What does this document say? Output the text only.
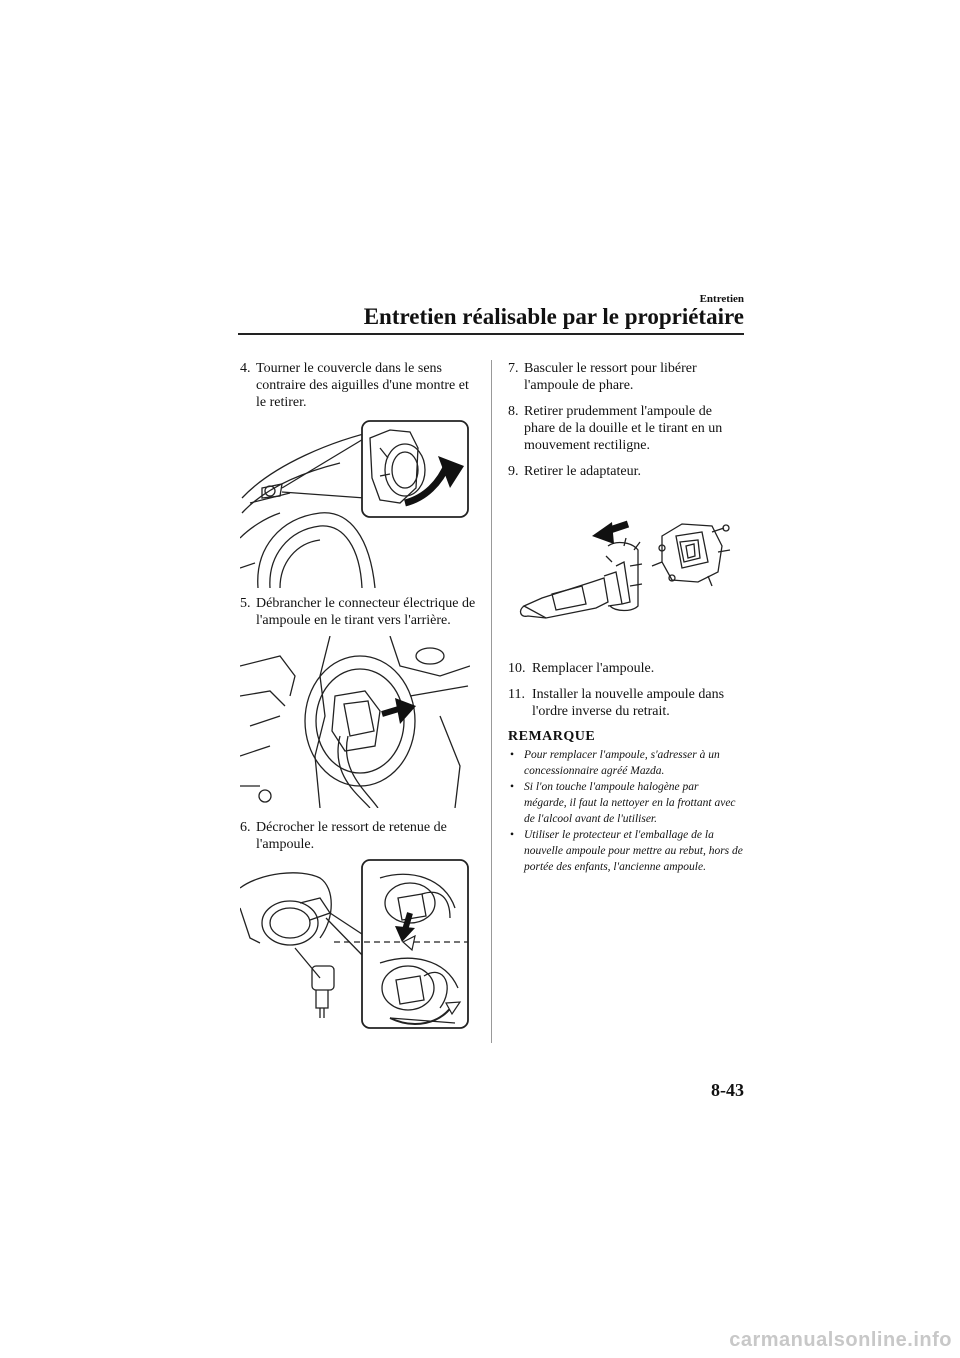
Entretien
Entretien réalisable par le propriétaire

4. Tourner le couvercle dans le sens contraire des aiguilles d'une montre et le retirer.

5. Débrancher le connecteur électrique de l'ampoule en le tirant vers l'arrière.

6. Décrocher le ressort de retenue de l'ampoule.

7. Basculer le ressort pour libérer l'ampoule de phare.

8. Retirer prudemment l'ampoule de phare de la douille et le tirant en un mouvement rectiligne.

9. Retirer le adaptateur.

10. Remplacer l'ampoule.

11. Installer la nouvelle ampoule dans l'ordre inverse du retrait.

REMARQUE
• Pour remplacer l'ampoule, s'adresser à un concessionnaire agréé Mazda.
• Si l'on touche l'ampoule halogène par mégarde, il faut la nettoyer en la frottant avec de l'alcool avant de l'utiliser.
• Utiliser le protecteur et l'emballage de la nouvelle ampoule pour mettre au rebut, hors de portée des enfants, l'ancienne ampoule.
8-43
carmanualsonline.info
